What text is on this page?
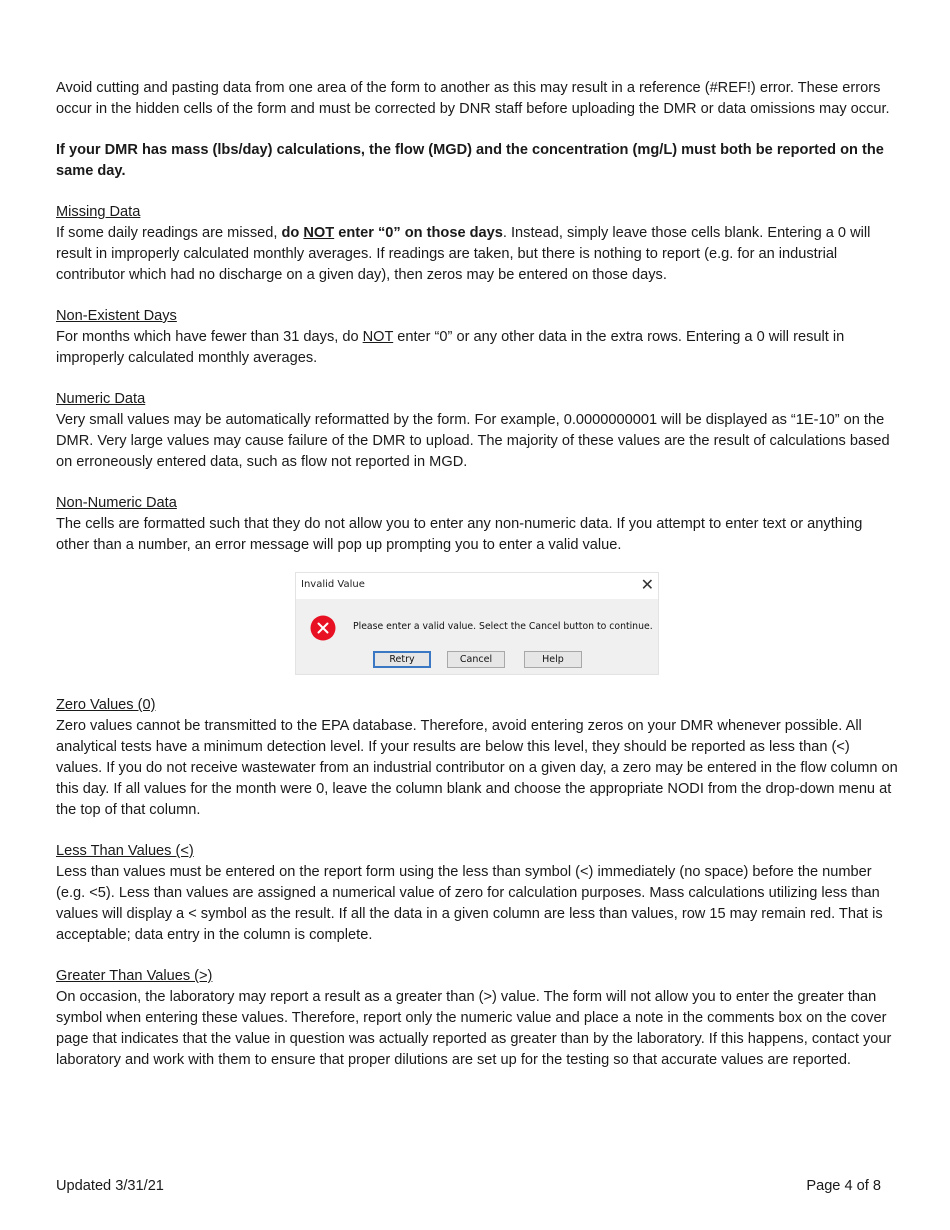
Avoid cutting and pasting data from one area of the form to another as this may result in a reference (#REF!) error. These errors occur in the hidden cells of the form and must be corrected by DNR staff before uploading the DMR or data omissions may occur.

If your DMR has mass (lbs/day) calculations, the flow (MGD) and the concentration (mg/L) must both be reported on the same day.

Missing Data

If some daily readings are missed, do NOT enter “0” on those days. Instead, simply leave those cells blank. Entering a 0 will result in improperly calculated monthly averages. If readings are taken, but there is nothing to report (e.g. for an industrial contributor which had no discharge on a given day), then zeros may be entered on those days.

Non-Existent Days

For months which have fewer than 31 days, do NOT enter “0” or any other data in the extra rows. Entering a 0 will result in improperly calculated monthly averages.

Numeric Data

Very small values may be automatically reformatted by the form. For example, 0.0000000001 will be displayed as “1E-10” on the DMR. Very large values may cause failure of the DMR to upload. The majority of these values are the result of calculations based on erroneously entered data, such as flow not reported in MGD.

Non-Numeric Data

The cells are formatted such that they do not allow you to enter any non-numeric data. If you attempt to enter text or anything other than a number, an error message will pop up prompting you to enter a valid value.

Invalid Value	✕
Please enter a valid value. Select the Cancel button to continue.
Retry	Cancel	Help

Zero Values (0)

Zero values cannot be transmitted to the EPA database. Therefore, avoid entering zeros on your DMR whenever possible. All analytical tests have a minimum detection level. If your results are below this level, they should be reported as less than (<) values. If you do not receive wastewater from an industrial contributor on a given day, a zero may be entered in the flow column on this day. If all values for the month were 0, leave the column blank and choose the appropriate NODI from the drop-down menu at the top of that column.

Less Than Values (<)

Less than values must be entered on the report form using the less than symbol (<) immediately (no space) before the number (e.g. <5). Less than values are assigned a numerical value of zero for calculation purposes. Mass calculations utilizing less than values will display a < symbol as the result. If all the data in a given column are less than values, row 15 may remain red. That is acceptable; data entry in the column is complete.

Greater Than Values (>)

On occasion, the laboratory may report a result as a greater than (>) value. The form will not allow you to enter the greater than symbol when entering these values. Therefore, report only the numeric value and place a note in the comments box on the cover page that indicates that the value in question was actually reported as greater than by the laboratory. If this happens, contact your laboratory and work with them to ensure that proper dilutions are set up for the testing so that accurate values are reported.

Updated 3/31/21	Page 4 of 8
